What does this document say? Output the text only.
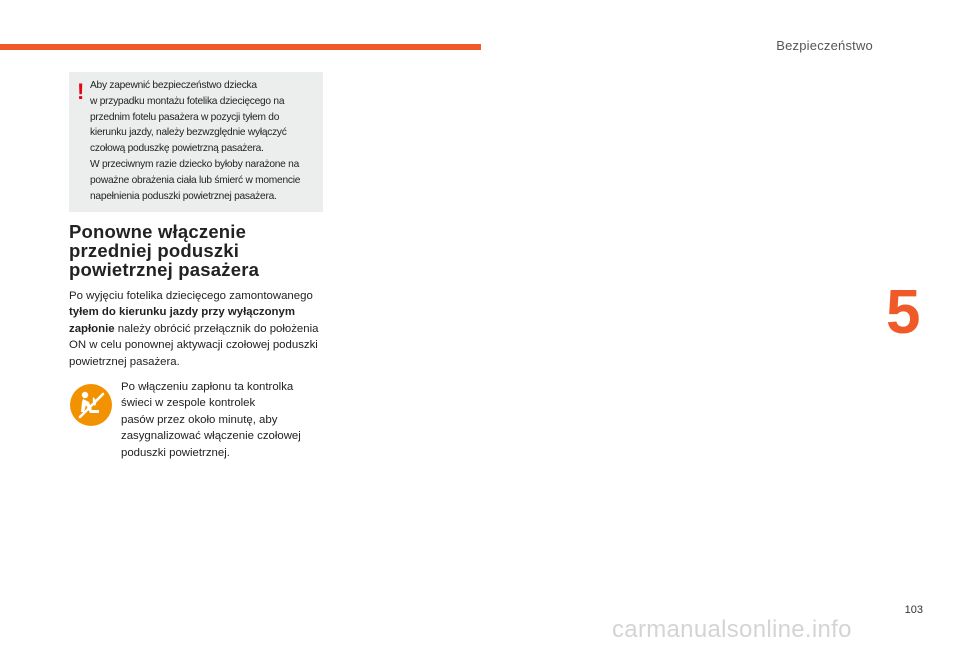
Bezpieczeństwo
5
! Aby zapewnić bezpieczeństwo dziecka
w przypadku montażu fotelika dziecięcego na
przednim fotelu pasażera w pozycji tyłem do
kierunku jazdy, należy bezwzględnie wyłączyć
czołową poduszkę powietrzną pasażera.
W przeciwnym razie dziecko byłoby narażone na
poważne obrażenia ciała lub śmierć w momencie
napełnienia poduszki powietrznej pasażera.
Ponowne włączenie
przedniej poduszki
powietrznej pasażera

Po wyjęciu fotelika dziecięcego zamontowanego tyłem do kierunku jazdy przy wyłączonym zapłonie należy obrócić przełącznik do położenia ON w celu ponownej aktywacji czołowej poduszki powietrznej pasażera.

Po włączeniu zapłonu ta kontrolka
świeci w zespole kontrolek
pasów przez około minutę, aby
zasygnalizować włączenie czołowej
poduszki powietrznej.
103
carmanualsonline.info
